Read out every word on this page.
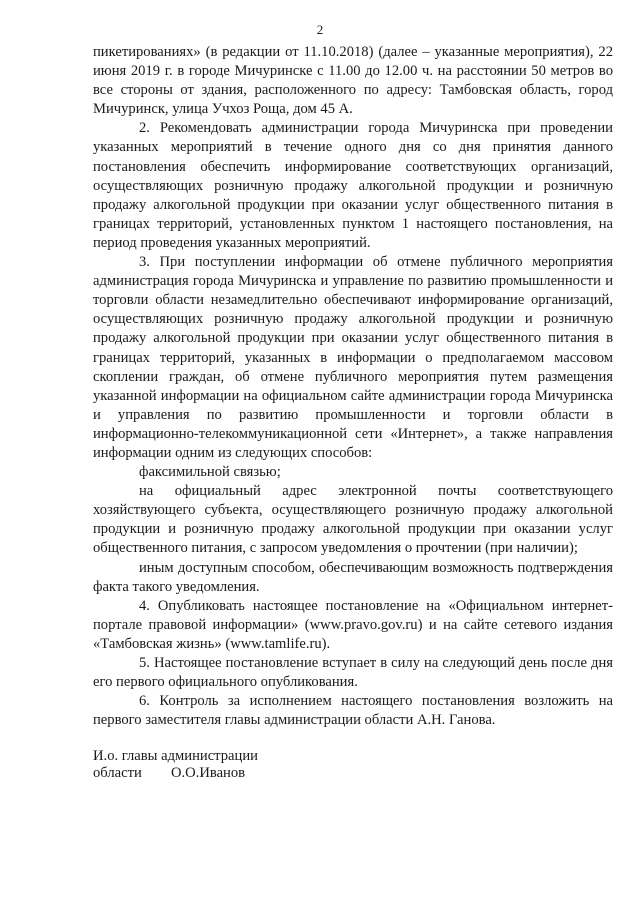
2

пикетированиях» (в редакции от 11.10.2018) (далее – указанные мероприятия), 22 июня 2019 г. в городе Мичуринске с 11.00 до 12.00 ч. на расстоянии 50 метров во все стороны от здания, расположенного по адресу: Тамбовская область, город Мичуринск, улица Учхоз Роща, дом 45 А.

2. Рекомендовать администрации города Мичуринска при проведении указанных мероприятий в течение одного дня со дня принятия данного постановления обеспечить информирование соответствующих организаций, осуществляющих розничную продажу алкогольной продукции и розничную продажу алкогольной продукции при оказании услуг общественного питания в границах территорий, установленных пунктом 1 настоящего постановления, на период проведения указанных мероприятий.

3. При поступлении информации об отмене публичного мероприятия администрация города Мичуринска и управление по развитию промышленности и торговли области незамедлительно обеспечивают информирование организаций, осуществляющих розничную продажу алкогольной продукции и розничную продажу алкогольной продукции при оказании услуг общественного питания в границах территорий, указанных в информации о предполагаемом массовом скоплении граждан, об отмене публичного мероприятия путем размещения указанной информации на официальном сайте администрации города Мичуринска и управления по развитию промышленности и торговли области в информационно-телекоммуникационной сети «Интернет», а также направления информации одним из следующих способов:

факсимильной связью;

на официальный адрес электронной почты соответствующего хозяйствующего субъекта, осуществляющего розничную продажу алкогольной продукции и розничную продажу алкогольной продукции при оказании услуг общественного питания, с запросом уведомления о прочтении (при наличии);

иным доступным способом, обеспечивающим возможность подтверждения факта такого уведомления.

4. Опубликовать настоящее постановление на «Официальном интернет-портале правовой информации» (www.pravo.gov.ru) и на сайте сетевого издания «Тамбовская жизнь» (www.tamlife.ru).

5. Настоящее постановление вступает в силу на следующий день после дня его первого официального опубликования.

6. Контроль за исполнением настоящего постановления возложить на первого заместителя главы администрации области А.Н. Ганова.

И.о. главы администрации
области        О.О.Иванов
